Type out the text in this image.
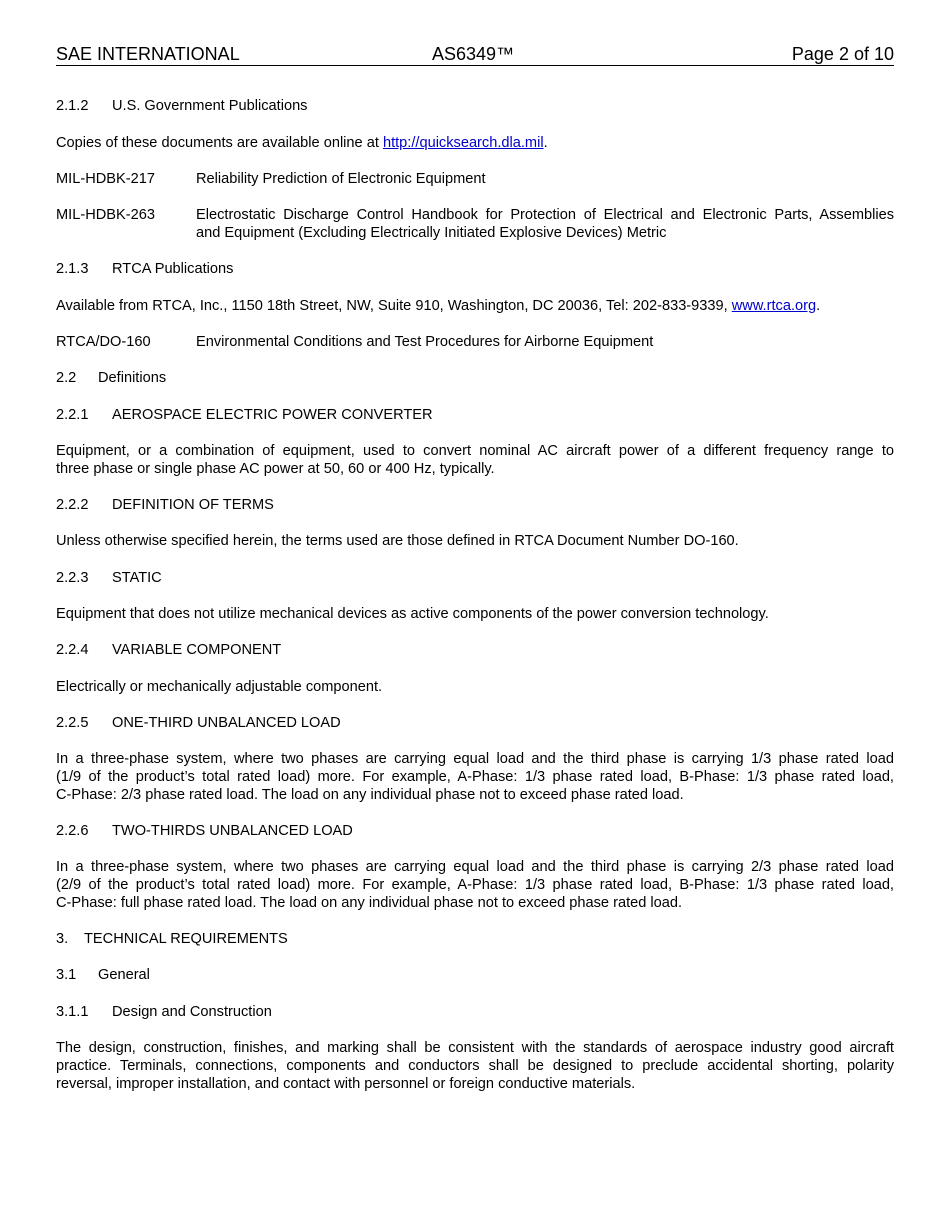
SAE INTERNATIONAL	AS6349™	Page 2 of 10
2.1.2 U.S. Government Publications
Copies of these documents are available online at http://quicksearch.dla.mil.
MIL-HDBK-217	Reliability Prediction of Electronic Equipment
MIL-HDBK-263	Electrostatic Discharge Control Handbook for Protection of Electrical and Electronic Parts, Assemblies
and Equipment (Excluding Electrically Initiated Explosive Devices) Metric
2.1.3 RTCA Publications
Available from RTCA, Inc., 1150 18th Street, NW, Suite 910, Washington, DC 20036, Tel: 202-833-9339, www.rtca.org.
RTCA/DO-160	Environmental Conditions and Test Procedures for Airborne Equipment
2.2 Definitions
2.2.1 AEROSPACE ELECTRIC POWER CONVERTER
Equipment, or a combination of equipment, used to convert nominal AC aircraft power of a different frequency range to
three phase or single phase AC power at 50, 60 or 400 Hz, typically.
2.2.2 DEFINITION OF TERMS
Unless otherwise specified herein, the terms used are those defined in RTCA Document Number DO-160.
2.2.3 STATIC
Equipment that does not utilize mechanical devices as active components of the power conversion technology.
2.2.4 VARIABLE COMPONENT
Electrically or mechanically adjustable component.
2.2.5 ONE-THIRD UNBALANCED LOAD
In a three-phase system, where two phases are carrying equal load and the third phase is carrying 1/3 phase rated load
(1/9 of the product’s total rated load) more. For example, A-Phase: 1/3 phase rated load, B-Phase: 1/3 phase rated load,
C-Phase: 2/3 phase rated load. The load on any individual phase not to exceed phase rated load.
2.2.6 TWO-THIRDS UNBALANCED LOAD
In a three-phase system, where two phases are carrying equal load and the third phase is carrying 2/3 phase rated load
(2/9 of the product’s total rated load) more. For example, A-Phase: 1/3 phase rated load, B-Phase: 1/3 phase rated load,
C-Phase: full phase rated load. The load on any individual phase not to exceed phase rated load.
3. TECHNICAL REQUIREMENTS
3.1 General
3.1.1 Design and Construction
The design, construction, finishes, and marking shall be consistent with the standards of aerospace industry good aircraft
practice. Terminals, connections, components and conductors shall be designed to preclude accidental shorting, polarity
reversal, improper installation, and contact with personnel or foreign conductive materials.
